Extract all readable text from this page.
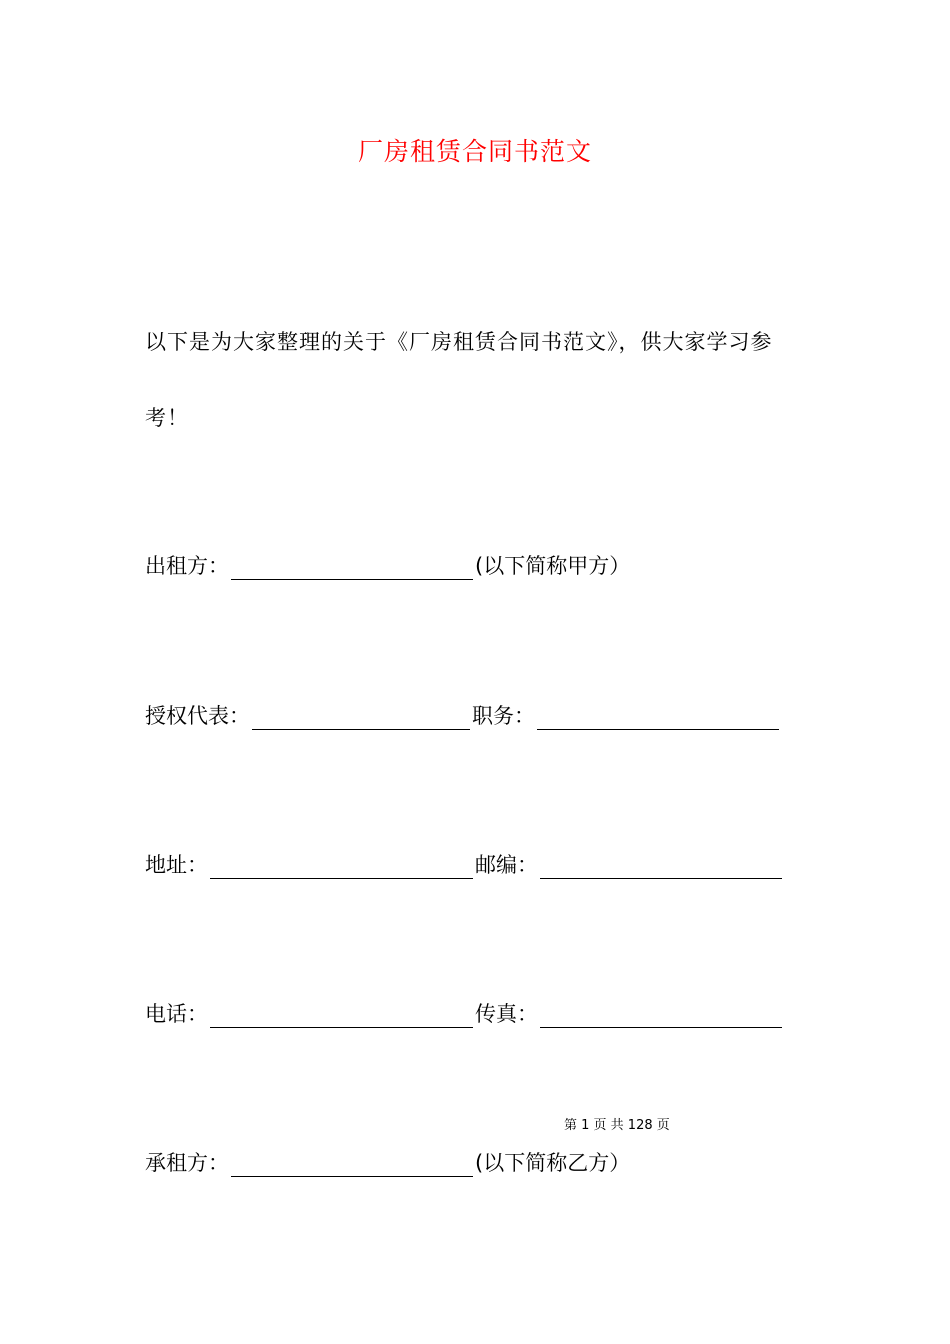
厂房租赁合同书范文
以下是为大家整理的关于《厂房租赁合同书范文》，供大家学习参
考！
出租方：	(以下简称甲方）
授权代表：	职务：
地址：	邮编：
电话：	传真：
第 1 页 共 128 页
承租方：	(以下简称乙方）
